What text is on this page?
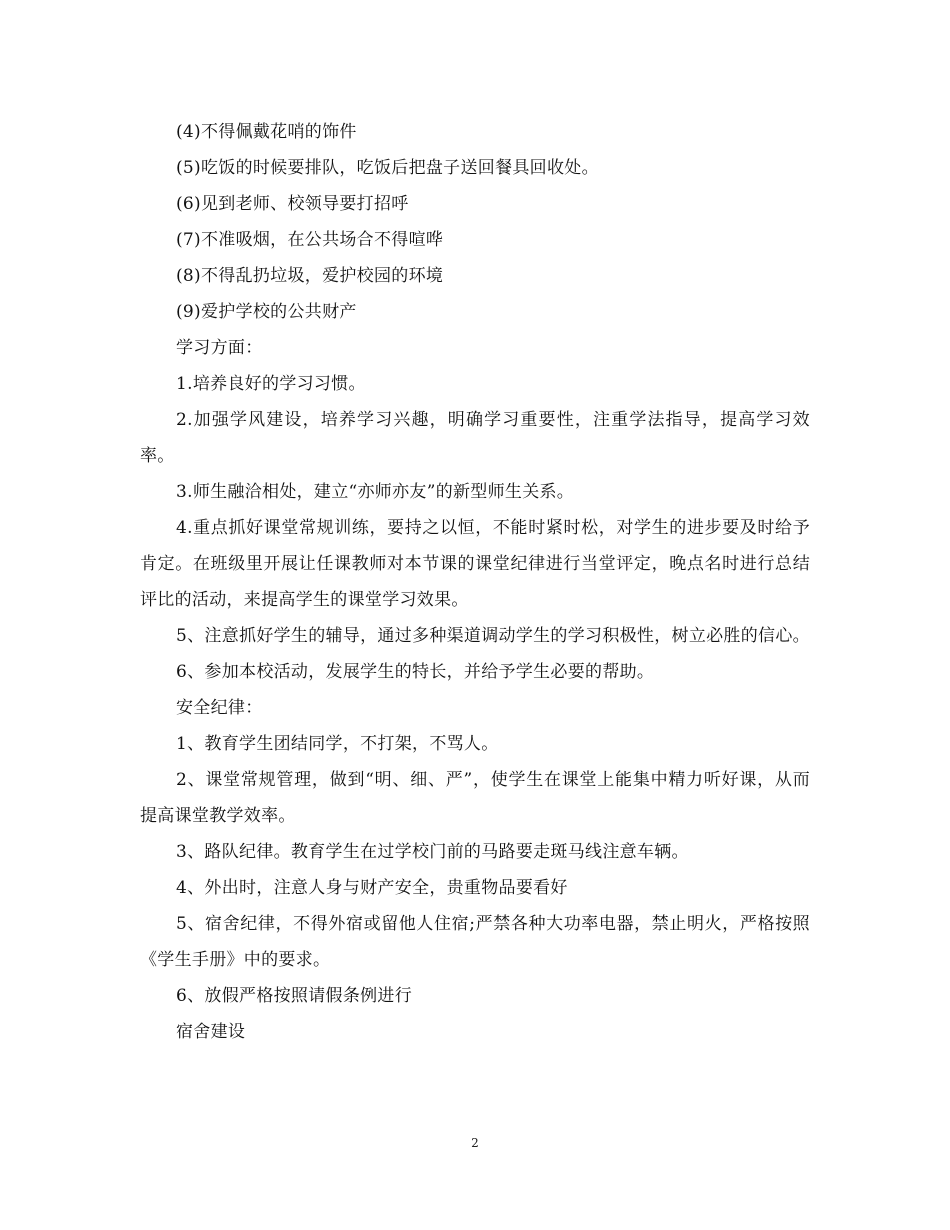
(4)不得佩戴花哨的饰件

(5)吃饭的时候要排队，吃饭后把盘子送回餐具回收处。

(6)见到老师、校领导要打招呼

(7)不准吸烟，在公共场合不得喧哗

(8)不得乱扔垃圾，爱护校园的环境

(9)爱护学校的公共财产

学习方面：

1.培养良好的学习习惯。

2.加强学风建设，培养学习兴趣，明确学习重要性，注重学法指导，提高学习效率。

3.师生融洽相处，建立“亦师亦友”的新型师生关系。

4.重点抓好课堂常规训练，要持之以恒，不能时紧时松，对学生的进步要及时给予肯定。在班级里开展让任课教师对本节课的课堂纪律进行当堂评定，晚点名时进行总结评比的活动，来提高学生的课堂学习效果。

5、注意抓好学生的辅导，通过多种渠道调动学生的学习积极性，树立必胜的信心。

6、参加本校活动，发展学生的特长，并给予学生必要的帮助。

安全纪律：

1、教育学生团结同学，不打架，不骂人。

2、课堂常规管理，做到“明、细、严”，使学生在课堂上能集中精力听好课，从而提高课堂教学效率。

3、路队纪律。教育学生在过学校门前的马路要走斑马线注意车辆。

4、外出时，注意人身与财产安全，贵重物品要看好

5、宿舍纪律，不得外宿或留他人住宿;严禁各种大功率电器，禁止明火，严格按照《学生手册》中的要求。

6、放假严格按照请假条例进行

宿舍建设

2
